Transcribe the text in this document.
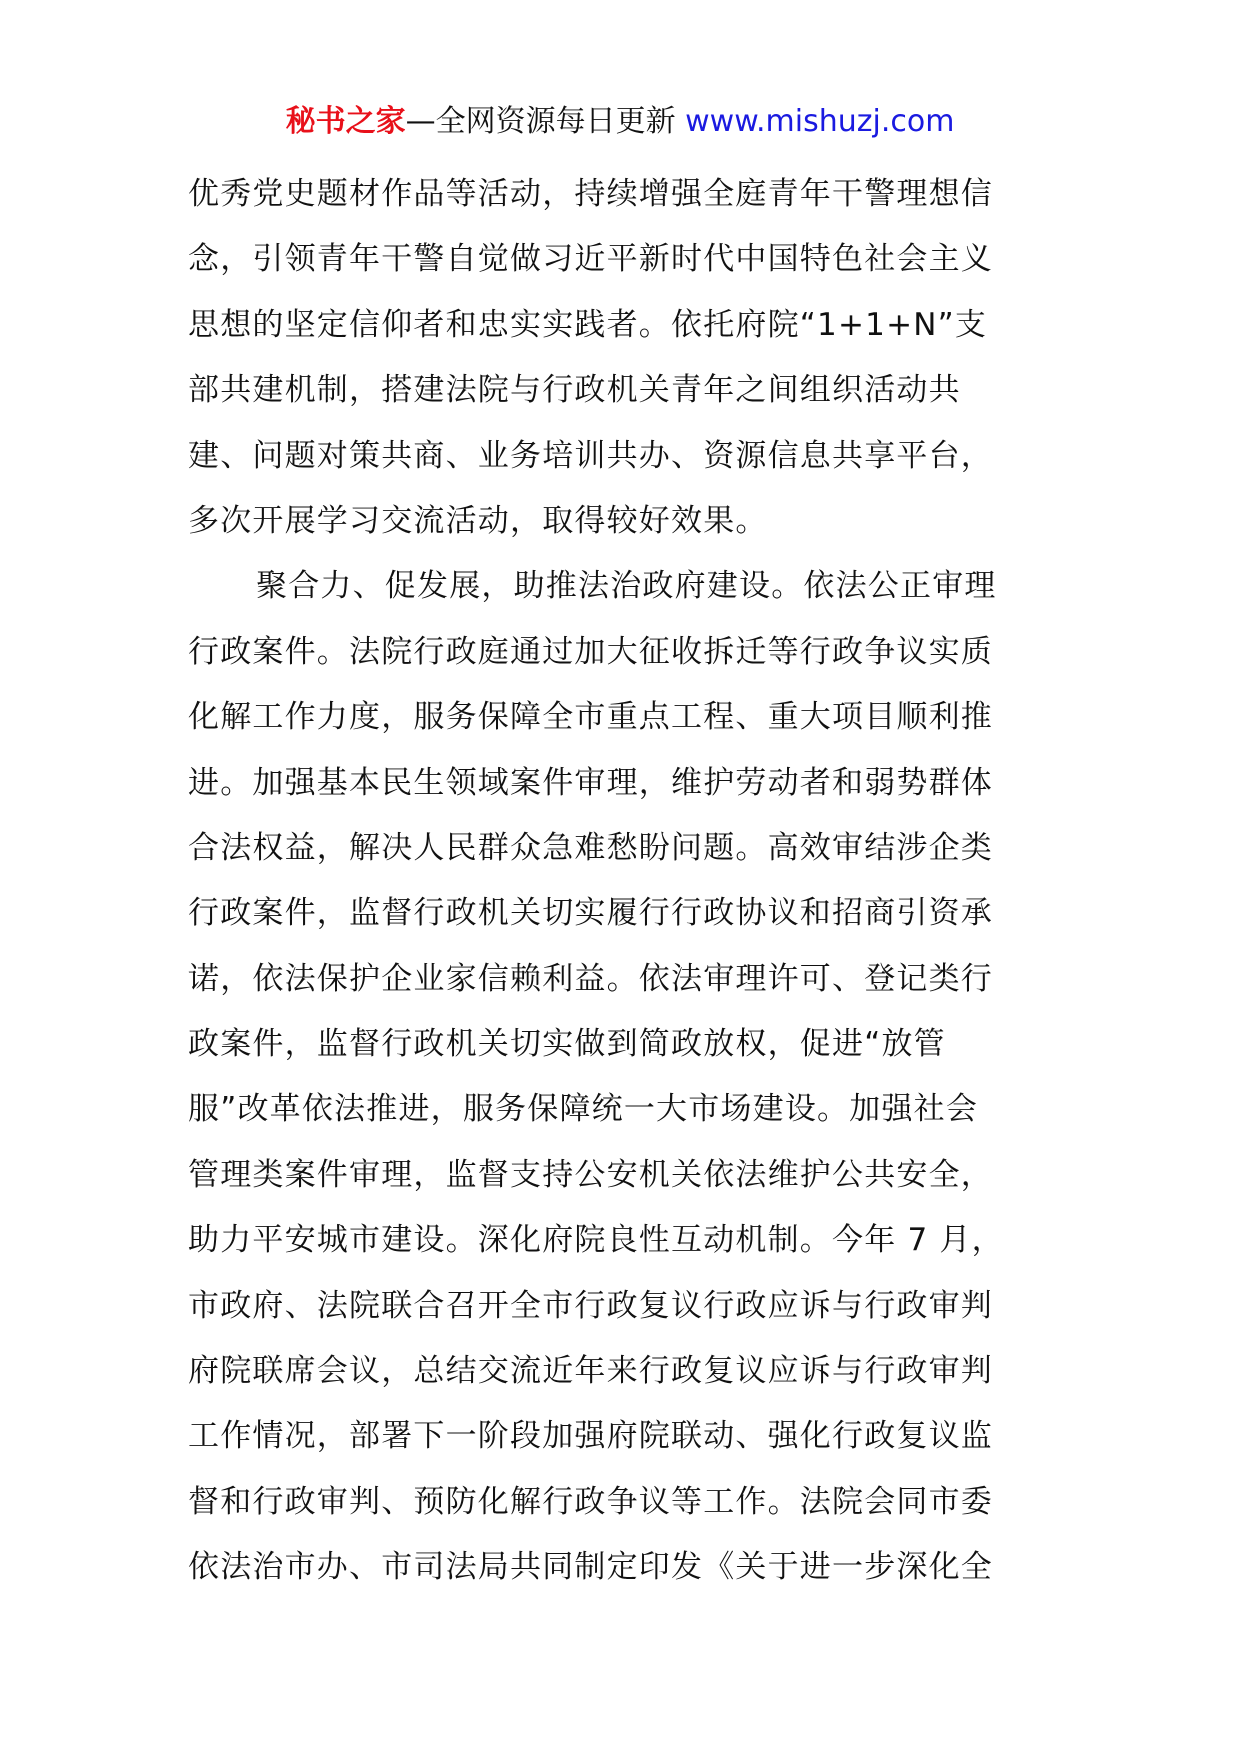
秘书之家—全网资源每日更新 www.mishuzj.com
优秀党史题材作品等活动，持续增强全庭青年干警理想信
念，引领青年干警自觉做习近平新时代中国特色社会主义
思想的坚定信仰者和忠实实践者。依托府院“1+1+N”支
部共建机制，搭建法院与行政机关青年之间组织活动共
建、问题对策共商、业务培训共办、资源信息共享平台，
多次开展学习交流活动，取得较好效果。
聚合力、促发展，助推法治政府建设。依法公正审理
行政案件。法院行政庭通过加大征收拆迁等行政争议实质
化解工作力度，服务保障全市重点工程、重大项目顺利推
进。加强基本民生领域案件审理，维护劳动者和弱势群体
合法权益，解决人民群众急难愁盼问题。高效审结涉企类
行政案件，监督行政机关切实履行行政协议和招商引资承
诺，依法保护企业家信赖利益。依法审理许可、登记类行
政案件，监督行政机关切实做到简政放权，促进“放管
服”改革依法推进，服务保障统一大市场建设。加强社会
管理类案件审理，监督支持公安机关依法维护公共安全，
助力平安城市建设。深化府院良性互动机制。今年 7 月，
市政府、法院联合召开全市行政复议行政应诉与行政审判
府院联席会议，总结交流近年来行政复议应诉与行政审判
工作情况，部署下一阶段加强府院联动、强化行政复议监
督和行政审判、预防化解行政争议等工作。法院会同市委
依法治市办、市司法局共同制定印发《关于进一步深化全
